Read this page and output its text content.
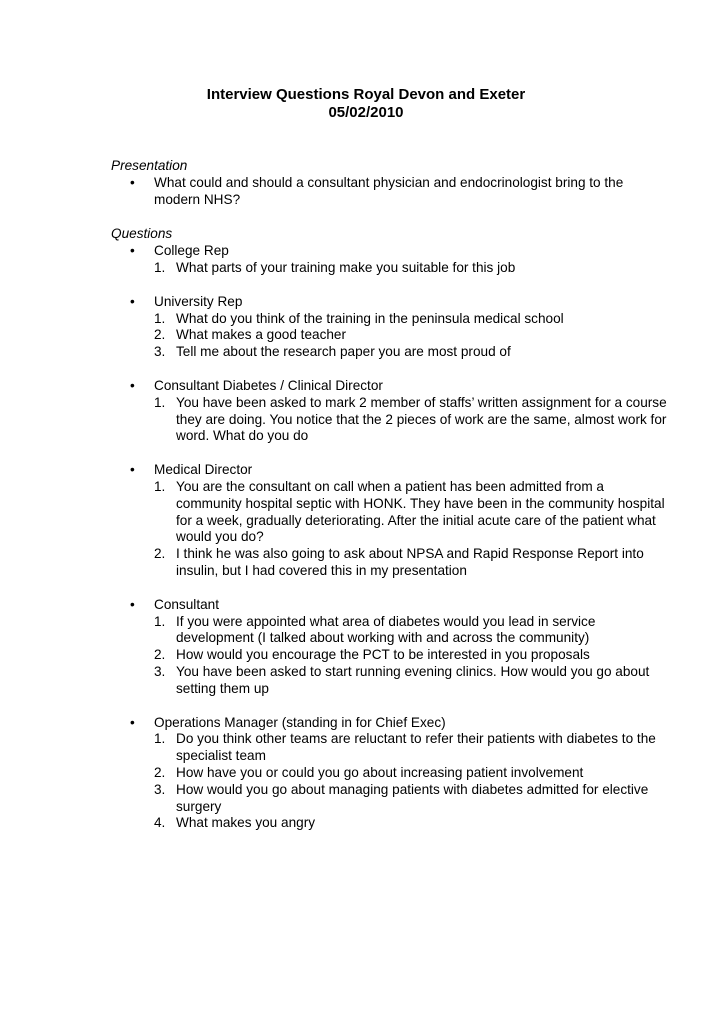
Interview Questions Royal Devon and Exeter
05/02/2010

Presentation

• What could and should a consultant physician and endocrinologist bring to the modern NHS?

Questions

• College Rep
1. What parts of your training make you suitable for this job
• University Rep
1. What do you think of the training in the peninsula medical school
2. What makes a good teacher
3. Tell me about the research paper you are most proud of
• Consultant Diabetes / Clinical Director
1. You have been asked to mark 2 member of staffs’ written assignment for a course they are doing. You notice that the 2 pieces of work are the same, almost work for word. What do you do
• Medical Director
1. You are the consultant on call when a patient has been admitted from a community hospital septic with HONK. They have been in the community hospital for a week, gradually deteriorating. After the initial acute care of the patient what would you do?
2. I think he was also going to ask about NPSA and Rapid Response Report into insulin, but I had covered this in my presentation
• Consultant
1. If you were appointed what area of diabetes would you lead in service development (I talked about working with and across the community)
2. How would you encourage the PCT to be interested in you proposals
3. You have been asked to start running evening clinics. How would you go about setting them up
• Operations Manager (standing in for Chief Exec)
1. Do you think other teams are reluctant to refer their patients with diabetes to the specialist team
2. How have you or could you go about increasing patient involvement
3. How would you go about managing patients with diabetes admitted for elective surgery
4. What makes you angry
